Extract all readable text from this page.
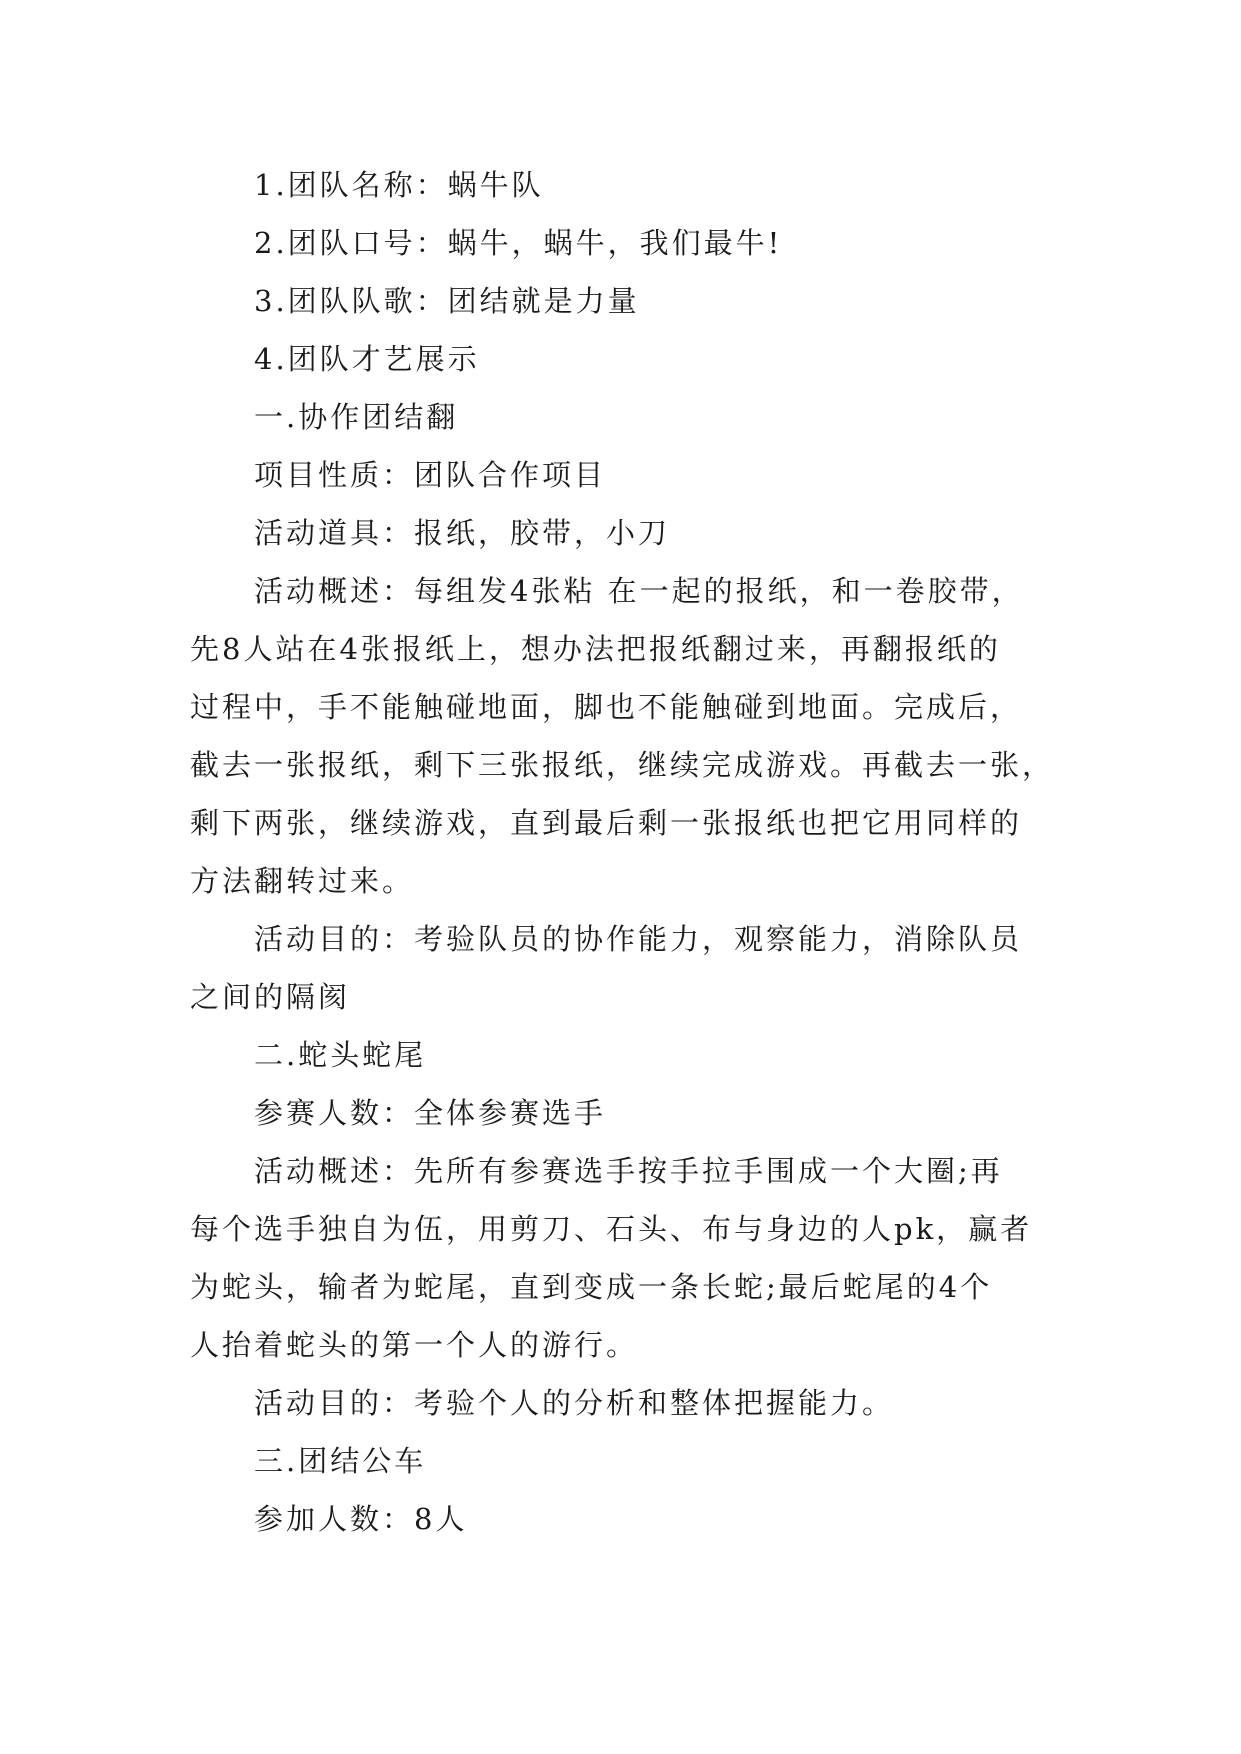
1.团队名称：蜗牛队

2.团队口号：蜗牛，蜗牛，我们最牛!

3.团队队歌：团结就是力量

4.团队才艺展示

一.协作团结翻

项目性质：团队合作项目

活动道具：报纸，胶带，小刀

活动概述：每组发4张粘 在一起的报纸，和一卷胶带，

先8人站在4张报纸上，想办法把报纸翻过来，再翻报纸的

过程中，手不能触碰地面，脚也不能触碰到地面。完成后，

截去一张报纸，剩下三张报纸，继续完成游戏。再截去一张，

剩下两张，继续游戏，直到最后剩一张报纸也把它用同样的

方法翻转过来。

活动目的：考验队员的协作能力，观察能力，消除队员

之间的隔阂

二.蛇头蛇尾

参赛人数：全体参赛选手

活动概述：先所有参赛选手按手拉手围成一个大圈;再

每个选手独自为伍，用剪刀、石头、布与身边的人pk，赢者

为蛇头，输者为蛇尾，直到变成一条长蛇;最后蛇尾的4个

人抬着蛇头的第一个人的游行。

活动目的：考验个人的分析和整体把握能力。

三.团结公车

参加人数：8人
